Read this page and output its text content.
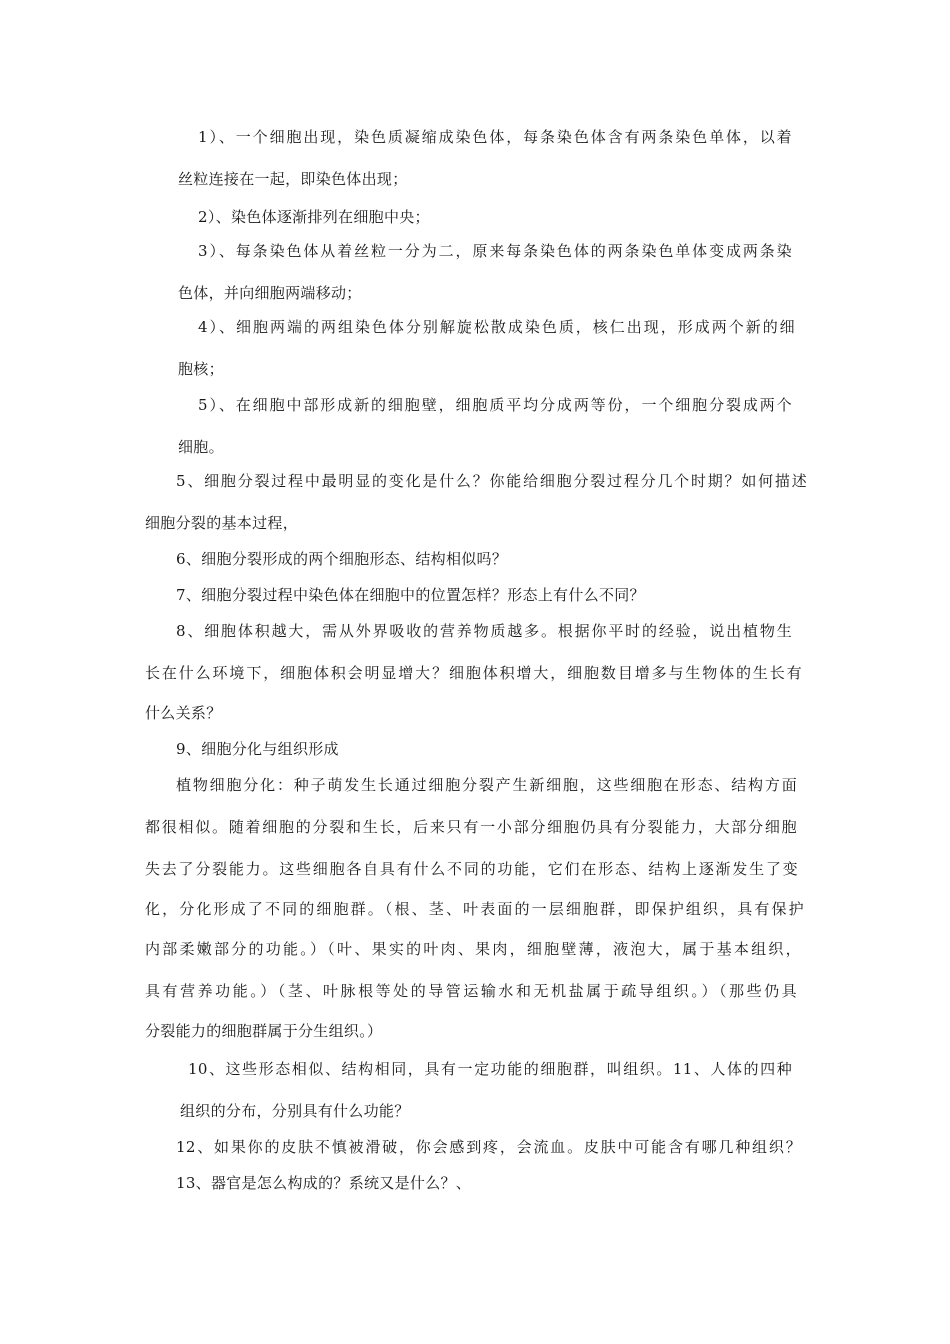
1）、一个细胞出现，染色质凝缩成染色体，每条染色体含有两条染色单体，以着
丝粒连接在一起，即染色体出现；
2）、染色体逐渐排列在细胞中央；
3）、每条染色体从着丝粒一分为二，原来每条染色体的两条染色单体变成两条染
色体，并向细胞两端移动；
4）、细胞两端的两组染色体分别解旋松散成染色质，核仁出现，形成两个新的细
胞核；
5）、在细胞中部形成新的细胞壁，细胞质平均分成两等份，一个细胞分裂成两个
细胞。
5、细胞分裂过程中最明显的变化是什么？你能给细胞分裂过程分几个时期？如何描述
细胞分裂的基本过程，
6、细胞分裂形成的两个细胞形态、结构相似吗？
7、细胞分裂过程中染色体在细胞中的位置怎样？形态上有什么不同？
8、细胞体积越大，需从外界吸收的营养物质越多。根据你平时的经验，说出植物生
长在什么环境下，细胞体积会明显增大？细胞体积增大，细胞数目增多与生物体的生长有
什么关系？
9、细胞分化与组织形成
植物细胞分化：种子萌发生长通过细胞分裂产生新细胞，这些细胞在形态、结构方面
都很相似。随着细胞的分裂和生长，后来只有一小部分细胞仍具有分裂能力，大部分细胞
失去了分裂能力。这些细胞各自具有什么不同的功能，它们在形态、结构上逐渐发生了变
化，分化形成了不同的细胞群。（根、茎、叶表面的一层细胞群，即保护组织，具有保护
内部柔嫩部分的功能。）（叶、果实的叶肉、果肉，细胞壁薄，液泡大，属于基本组织，
具有营养功能。）（茎、叶脉根等处的导管运输水和无机盐属于疏导组织。）（那些仍具
分裂能力的细胞群属于分生组织。）
10、这些形态相似、结构相同，具有一定功能的细胞群，叫组织。11、人体的四种
组织的分布，分别具有什么功能？
12、如果你的皮肤不慎被滑破，你会感到疼，会流血。皮肤中可能含有哪几种组织？
13、器官是怎么构成的？系统又是什么？、
